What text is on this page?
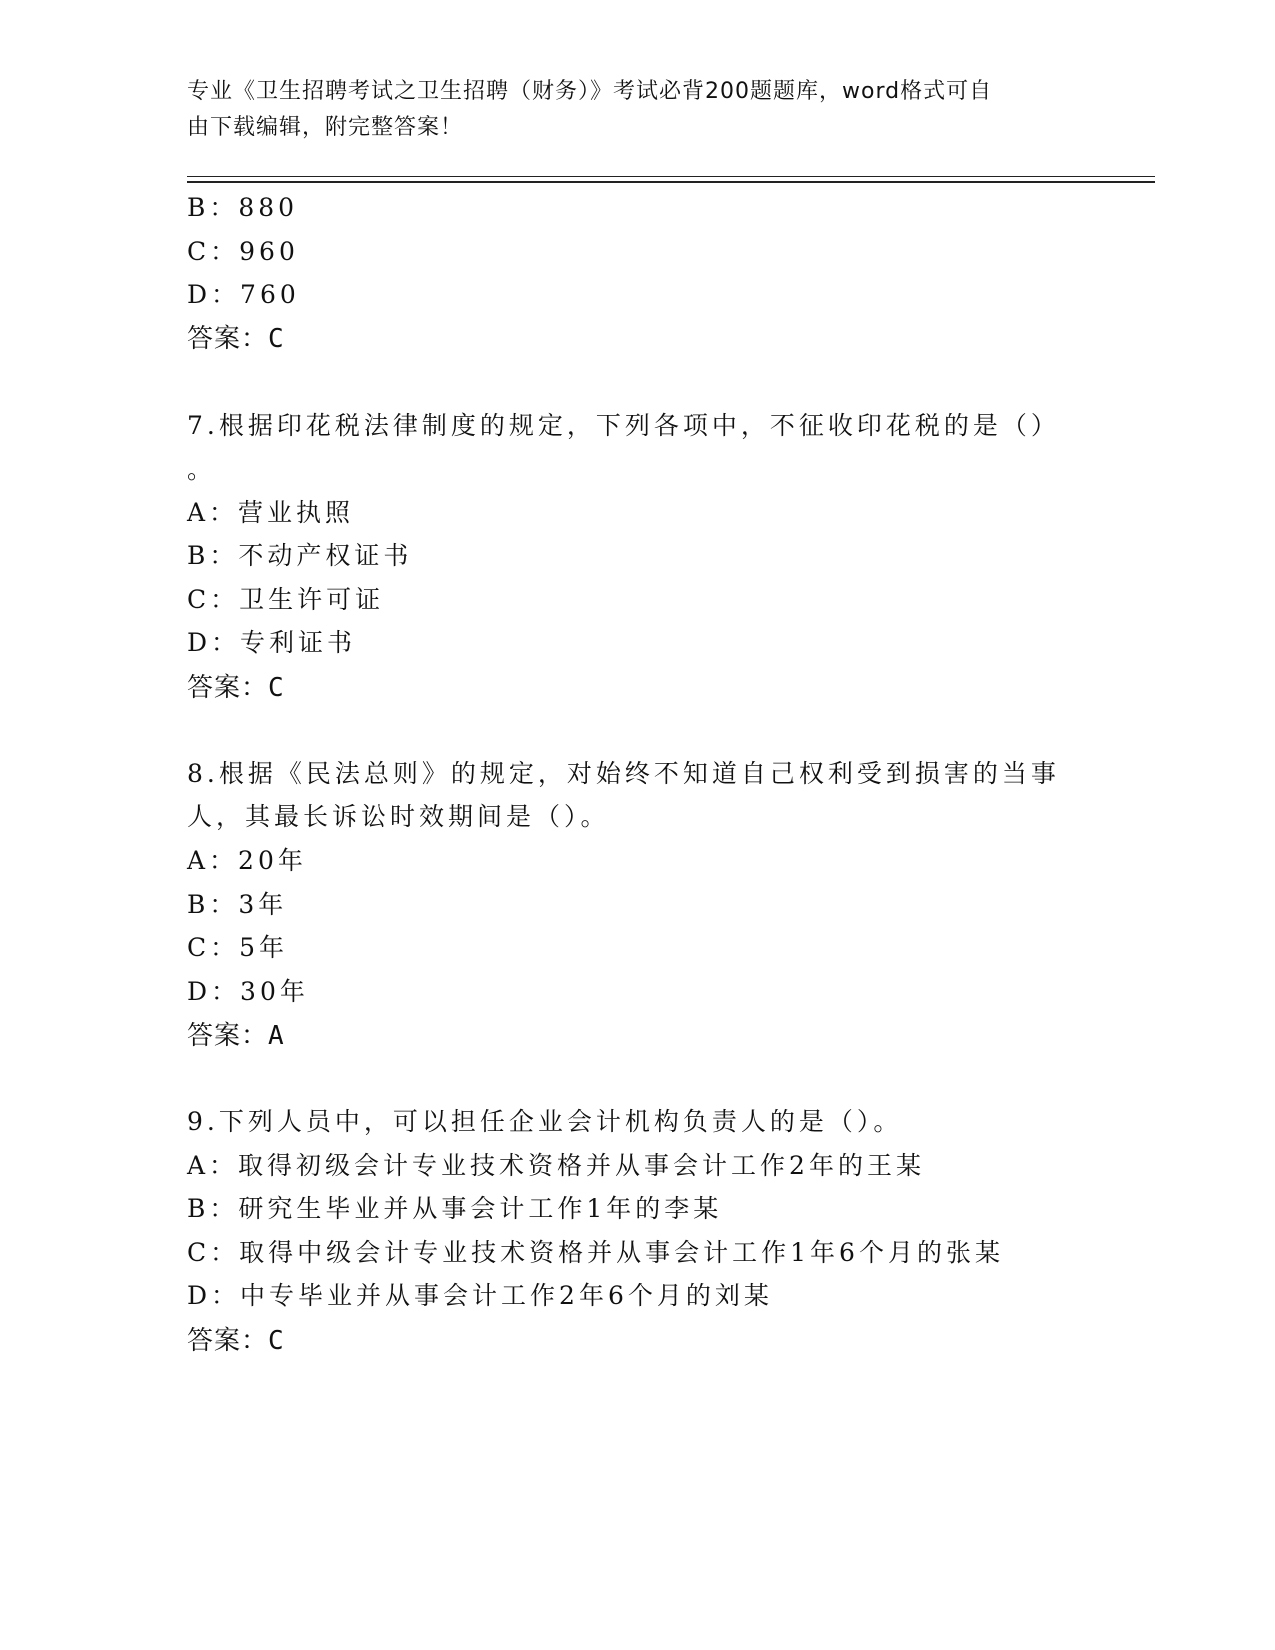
专业《卫生招聘考试之卫生招聘（财务）》考试必背200题题库，word格式可自
由下载编辑，附完整答案！
B：880
C：960
D：760
答案：C
7.根据印花税法律制度的规定，下列各项中，不征收印花税的是（）
。
A：营业执照
B：不动产权证书
C：卫生许可证
D：专利证书
答案：C
8.根据《民法总则》的规定，对始终不知道自己权利受到损害的当事
人，其最长诉讼时效期间是（）。
A：20年
B：3年
C：5年
D：30年
答案：A
9.下列人员中，可以担任企业会计机构负责人的是（）。
A：取得初级会计专业技术资格并从事会计工作2年的王某
B：研究生毕业并从事会计工作1年的李某
C：取得中级会计专业技术资格并从事会计工作1年6个月的张某
D：中专毕业并从事会计工作2年6个月的刘某
答案：C
